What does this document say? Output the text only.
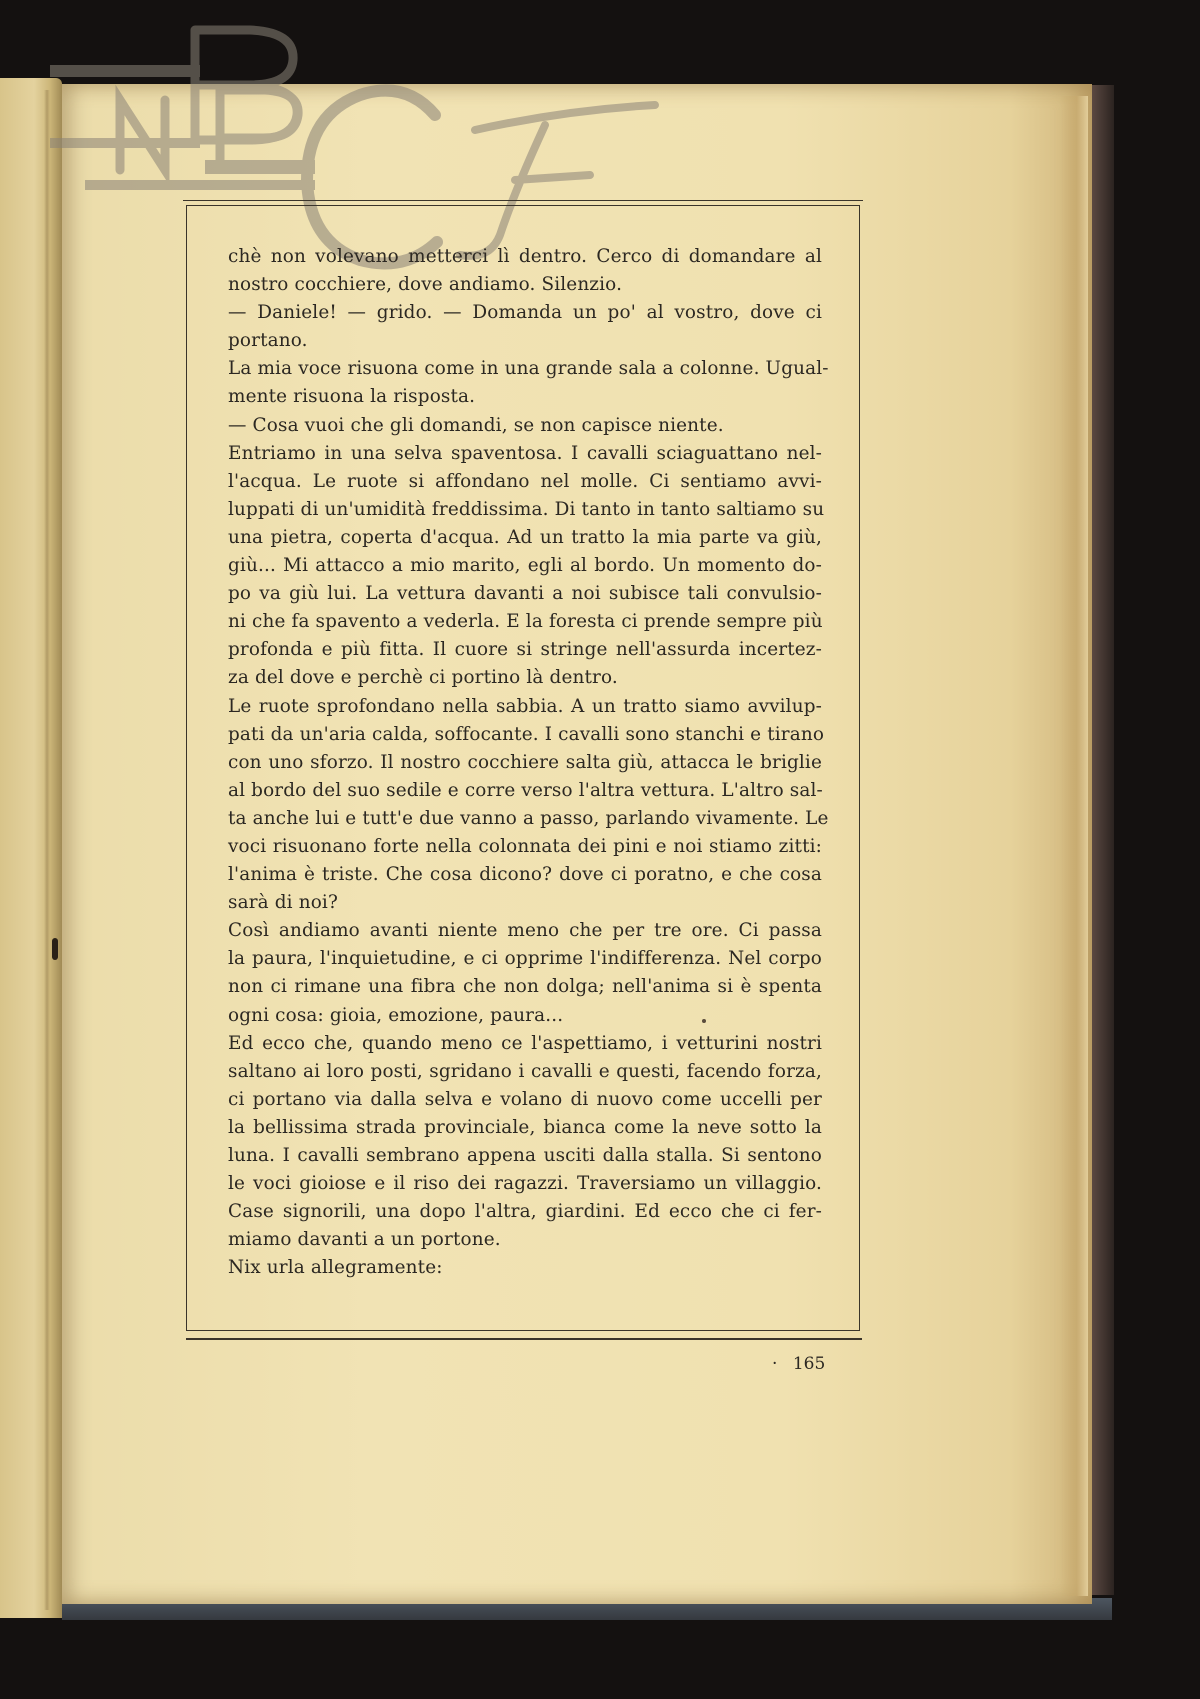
BNCF
chè non volevano metterci lì dentro. Cerco di domandare al
nostro cocchiere, dove andiamo. Silenzio.
— Daniele! — grido. — Domanda un po' al vostro, dove ci
portano.
La mia voce risuona come in una grande sala a colonne. Ugual-
mente risuona la risposta.
— Cosa vuoi che gli domandi, se non capisce niente.
Entriamo in una selva spaventosa. I cavalli sciaguattano nel-
l'acqua. Le ruote si affondano nel molle. Ci sentiamo avvi-
luppati di un'umidità freddissima. Di tanto in tanto saltiamo su
una pietra, coperta d'acqua. Ad un tratto la mia parte va giù,
giù... Mi attacco a mio marito, egli al bordo. Un momento do-
po va giù lui. La vettura davanti a noi subisce tali convulsio-
ni che fa spavento a vederla. E la foresta ci prende sempre più
profonda e più fitta. Il cuore si stringe nell'assurda incertez-
za del dove e perchè ci portino là dentro.
Le ruote sprofondano nella sabbia. A un tratto siamo avvilup-
pati da un'aria calda, soffocante. I cavalli sono stanchi e tirano
con uno sforzo. Il nostro cocchiere salta giù, attacca le briglie
al bordo del suo sedile e corre verso l'altra vettura. L'altro sal-
ta anche lui e tutt'e due vanno a passo, parlando vivamente. Le
voci risuonano forte nella colonnata dei pini e noi stiamo zitti:
l'anima è triste. Che cosa dicono? dove ci poratno, e che cosa
sarà di noi?
Così andiamo avanti niente meno che per tre ore. Ci passa
la paura, l'inquietudine, e ci opprime l'indifferenza. Nel corpo
non ci rimane una fibra che non dolga; nell'anima si è spenta
ogni cosa: gioia, emozione, paura...
Ed ecco che, quando meno ce l'aspettiamo, i vetturini nostri
saltano ai loro posti, sgridano i cavalli e questi, facendo forza,
ci portano via dalla selva e volano di nuovo come uccelli per
la bellissima strada provinciale, bianca come la neve sotto la
luna. I cavalli sembrano appena usciti dalla stalla. Si sentono
le voci gioiose e il riso dei ragazzi. Traversiamo un villaggio.
Case signorili, una dopo l'altra, giardini. Ed ecco che ci fer-
miamo davanti a un portone.
Nix urla allegramente:
· 165
